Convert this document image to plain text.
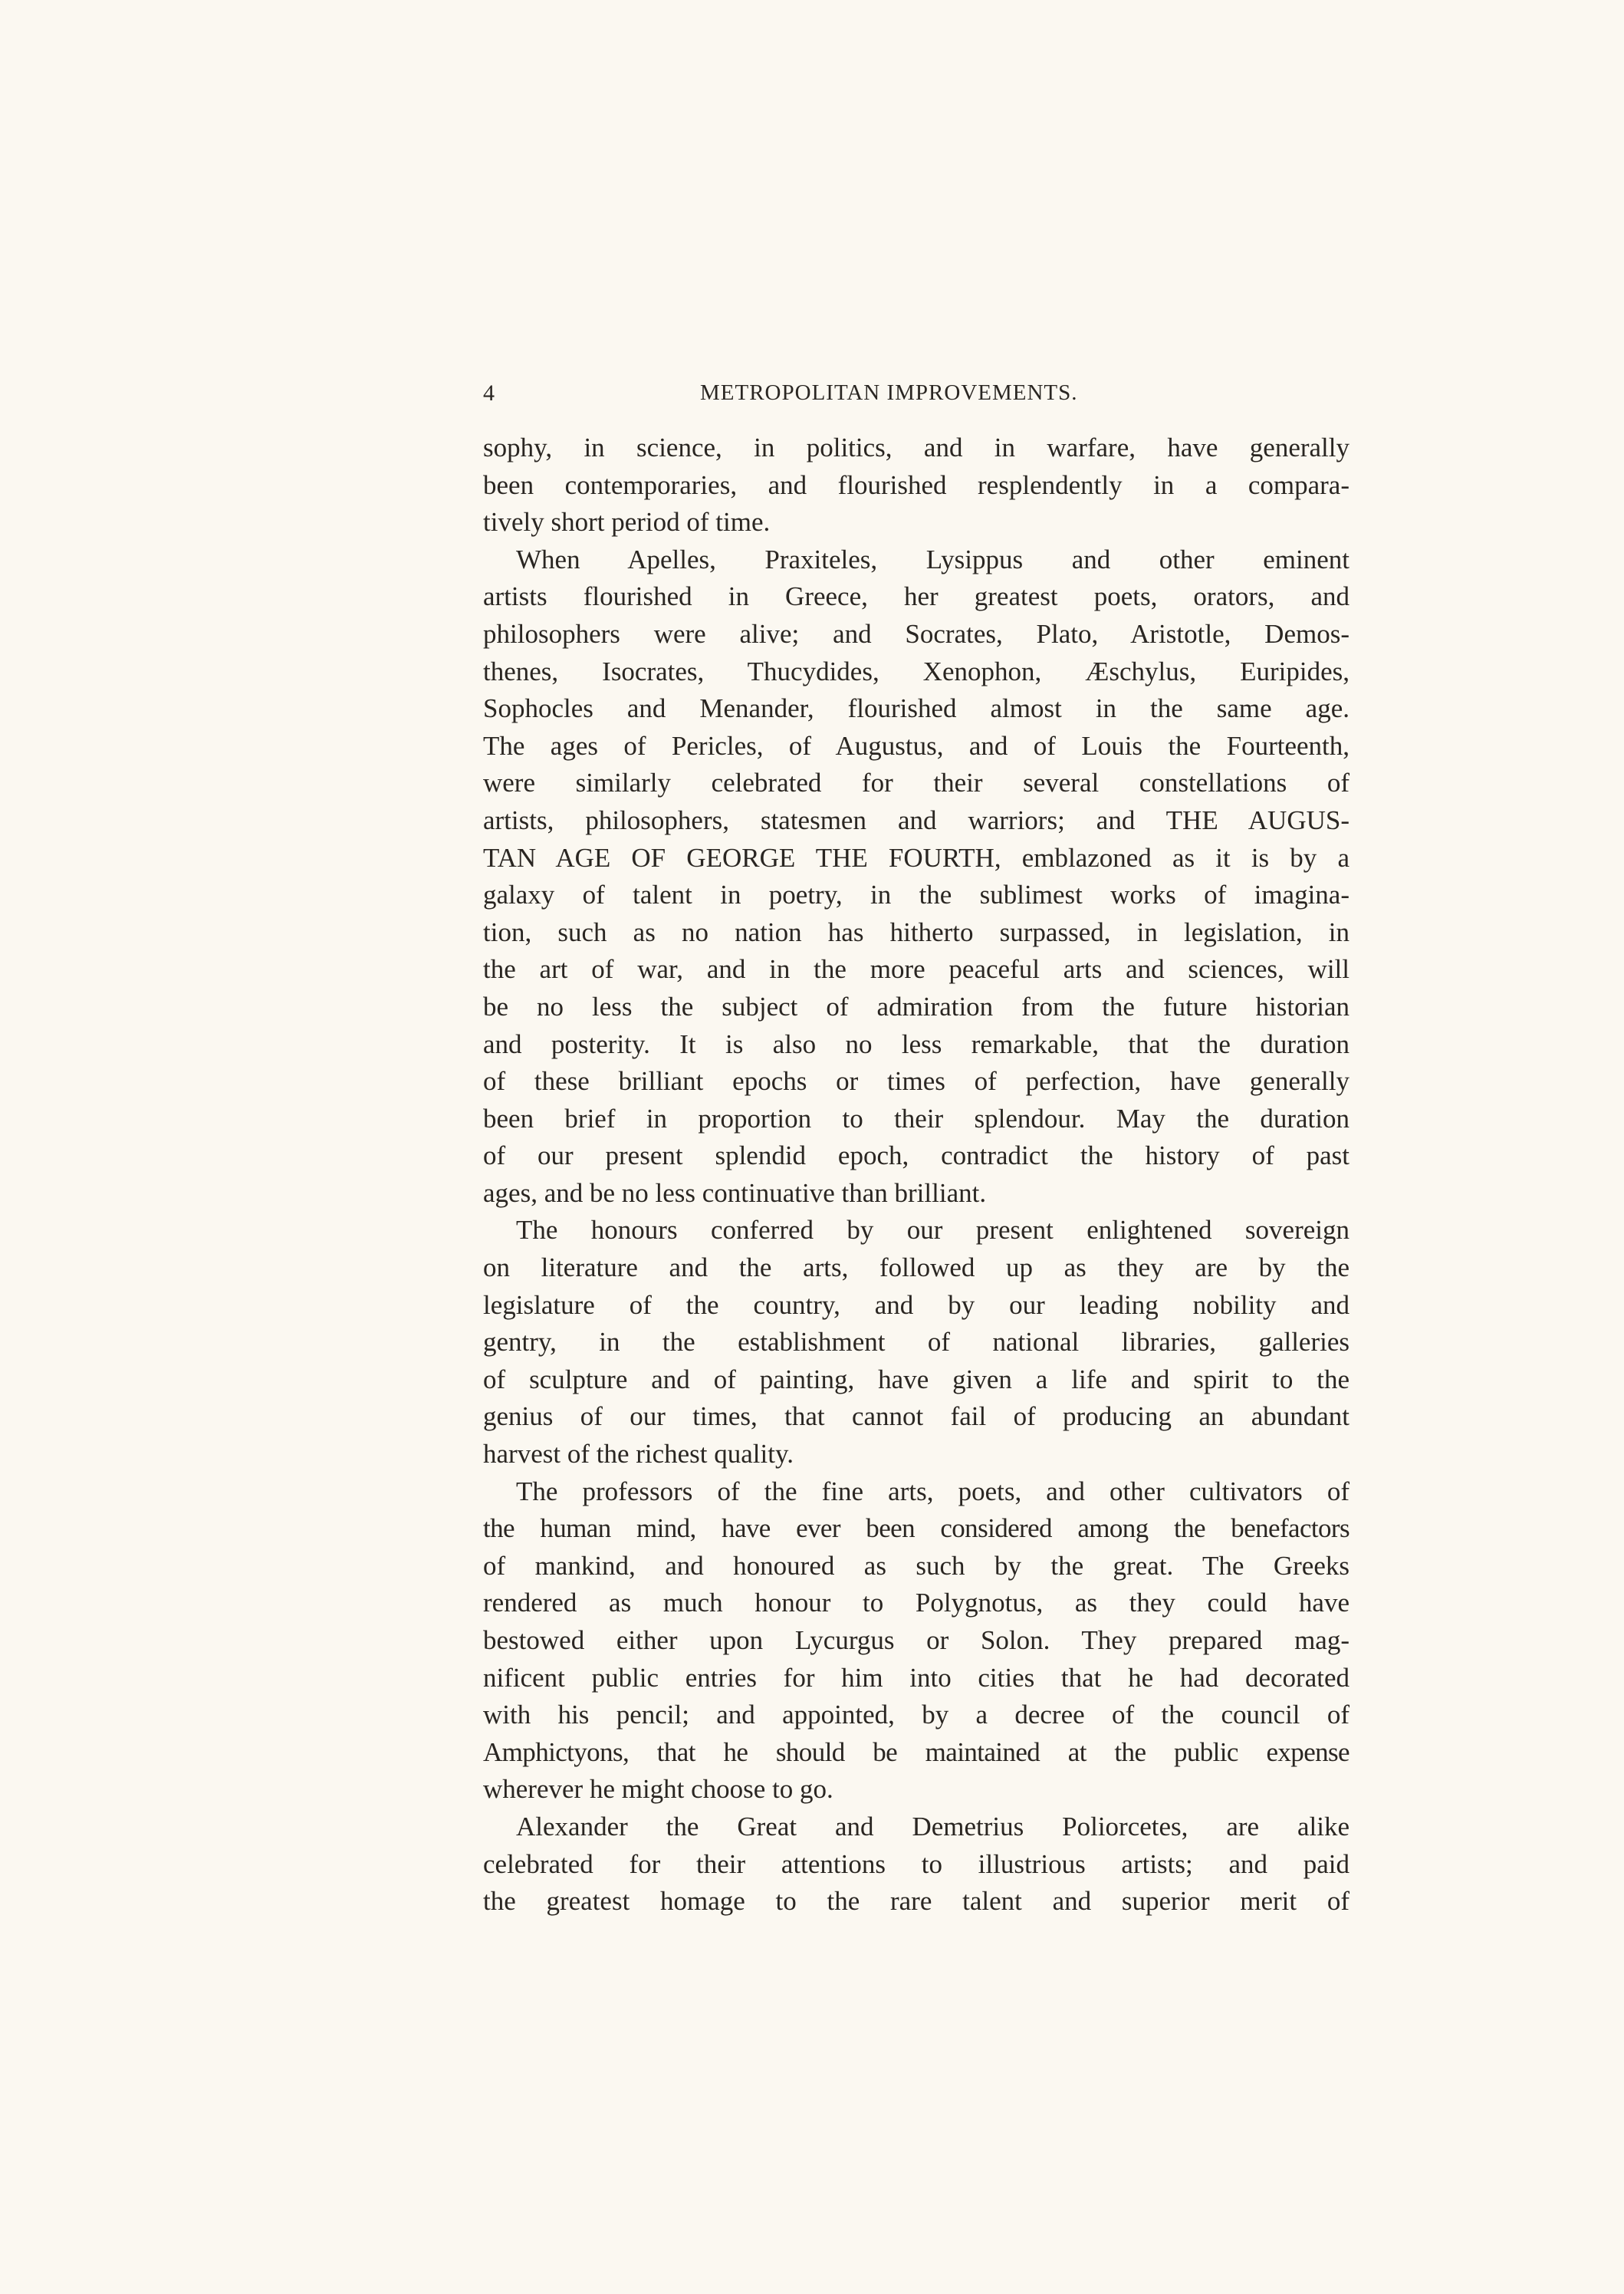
4	METROPOLITAN IMPROVEMENTS.
sophy, in science, in politics, and in warfare, have generally
been contemporaries, and flourished resplendently in a compara-
tively short period of time.
When Apelles, Praxiteles, Lysippus and other eminent
artists flourished in Greece, her greatest poets, orators, and
philosophers were alive; and Socrates, Plato, Aristotle, Demos-
thenes, Isocrates, Thucydides, Xenophon, Æschylus, Euripides,
Sophocles and Menander, flourished almost in the same age.
The ages of Pericles, of Augustus, and of Louis the Fourteenth,
were similarly celebrated for their several constellations of
artists, philosophers, statesmen and warriors; and THE AUGUS-
TAN AGE OF GEORGE THE FOURTH, emblazoned as it is by a
galaxy of talent in poetry, in the sublimest works of imagina-
tion, such as no nation has hitherto surpassed, in legislation, in
the art of war, and in the more peaceful arts and sciences, will
be no less the subject of admiration from the future historian
and posterity. It is also no less remarkable, that the duration
of these brilliant epochs or times of perfection, have generally
been brief in proportion to their splendour. May the duration
of our present splendid epoch, contradict the history of past
ages, and be no less continuative than brilliant.
The honours conferred by our present enlightened sovereign
on literature and the arts, followed up as they are by the
legislature of the country, and by our leading nobility and
gentry, in the establishment of national libraries, galleries
of sculpture and of painting, have given a life and spirit to the
genius of our times, that cannot fail of producing an abundant
harvest of the richest quality.
The professors of the fine arts, poets, and other cultivators of
the human mind, have ever been considered among the benefactors
of mankind, and honoured as such by the great. The Greeks
rendered as much honour to Polygnotus, as they could have
bestowed either upon Lycurgus or Solon. They prepared mag-
nificent public entries for him into cities that he had decorated
with his pencil; and appointed, by a decree of the council of
Amphictyons, that he should be maintained at the public expense
wherever he might choose to go.
Alexander the Great and Demetrius Poliorcetes, are alike
celebrated for their attentions to illustrious artists; and paid
the greatest homage to the rare talent and superior merit of
